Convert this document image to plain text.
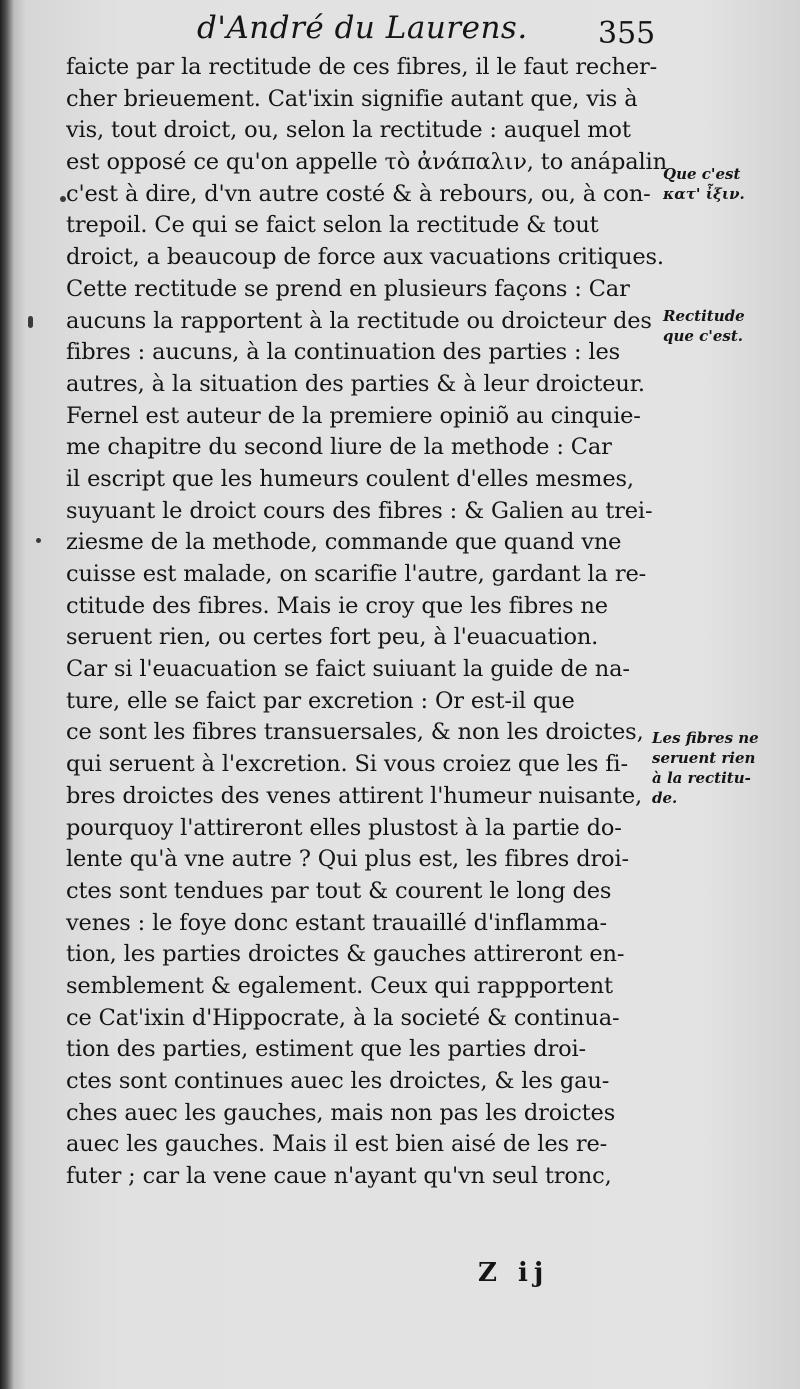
d'André du Laurens. 355
faicte par la rectitude de ces fibres, il le faut recher-
cher brieuement. Cat'ixin signifie autant que, vis à
vis, tout droict, ou, selon la rectitude : auquel mot
est opposé ce qu'on appelle τὸ ἀνάπαλιν, to anápalin
c'est à dire, d'vn autre costé & à rebours, ou, à con-
trepoil. Ce qui se faict selon la rectitude & tout
droict, a beaucoup de force aux vacuations critiques.
Cette rectitude se prend en plusieurs façons : Car
aucuns la rapportent à la rectitude ou droicteur des
fibres : aucuns, à la continuation des parties : les
autres, à la situation des parties & à leur droicteur.
Fernel est auteur de la premiere opiniõ au cinquie-
me chapitre du second liure de la methode : Car
il escript que les humeurs coulent d'elles mesmes,
suyuant le droict cours des fibres : & Galien au trei-
ziesme de la methode, commande que quand vne
cuisse est malade, on scarifie l'autre, gardant la re-
ctitude des fibres. Mais ie croy que les fibres ne
seruent rien, ou certes fort peu, à l'euacuation.
Car si l'euacuation se faict suiuant la guide de na-
ture, elle se faict par excretion : Or est-il que
ce sont les fibres transuersales, & non les droictes,
qui seruent à l'excretion. Si vous croiez que les fi-
bres droictes des venes attirent l'humeur nuisante,
pourquoy l'attireront elles plustost à la partie do-
lente qu'à vne autre ? Qui plus est, les fibres droi-
ctes sont tendues par tout & courent le long des
venes : le foye donc estant trauaillé d'inflamma-
tion, les parties droictes & gauches attireront en-
semblement & egalement. Ceux qui rappportent
ce Cat'ixin d'Hippocrate, à la societé & continua-
tion des parties, estiment que les parties droi-
ctes sont continues auec les droictes, & les gau-
ches auec les gauches, mais non pas les droictes
auec les gauches. Mais il est bien aisé de les re-
futer ; car la vene caue n'ayant qu'vn seul tronc,
Que c'est
κατ' ἶξιν.
Rectitude
que c'est.
Les fibres ne
seruent rien
à la rectitu-
de.
Z ij
